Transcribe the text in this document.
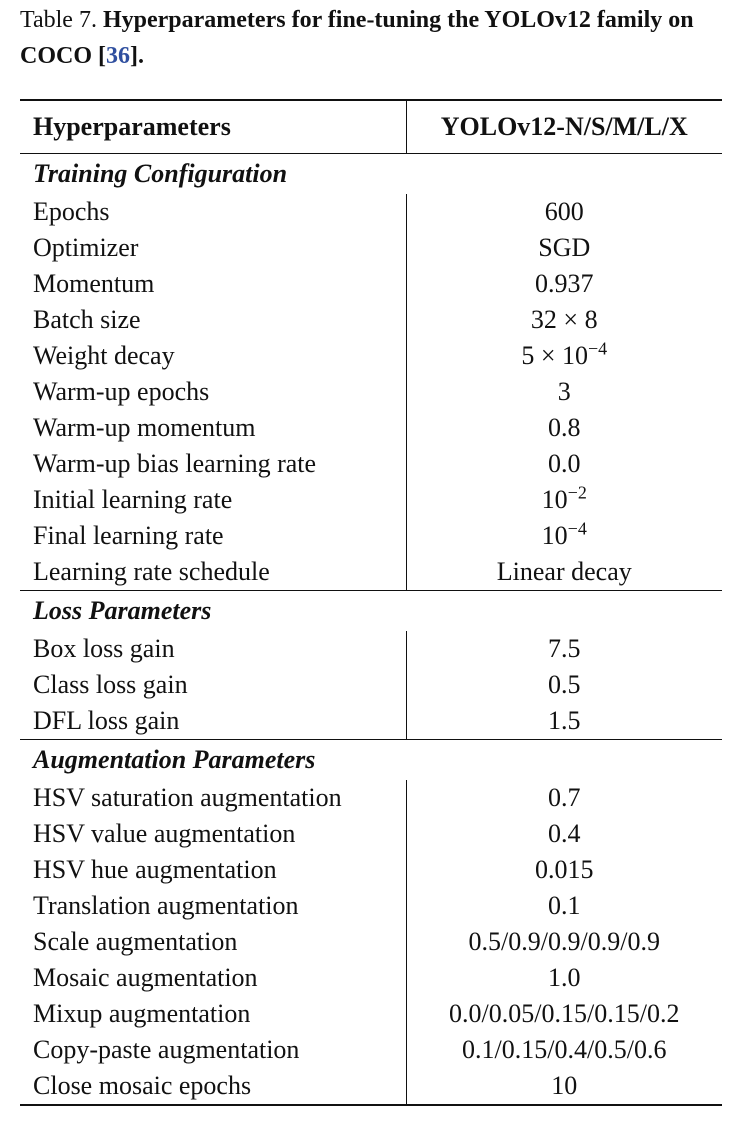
Table 7. Hyperparameters for fine-tuning the YOLOv12 family on COCO [36].
Hyperparameters	YOLOv12-N/S/M/L/X
Training Configuration	
Epochs	600
Optimizer	SGD
Momentum	0.937
Batch size	32 × 8
Weight decay	$5 \times 10^{-4}$
Warm-up epochs	3
Warm-up momentum	0.8
Warm-up bias learning rate	0.0
Initial learning rate	$10^{-2}$
Final learning rate	$10^{-4}$
Learning rate schedule	Linear decay
Loss Parameters	
Box loss gain	7.5
Class loss gain	0.5
DFL loss gain	1.5
Augmentation Parameters	
HSV saturation augmentation	0.7
HSV value augmentation	0.4
HSV hue augmentation	0.015
Translation augmentation	0.1
Scale augmentation	0.5/0.9/0.9/0.9/0.9
Mosaic augmentation	1.0
Mixup augmentation	0.0/0.05/0.15/0.15/0.2
Copy-paste augmentation	0.1/0.15/0.4/0.5/0.6
Close mosaic epochs	10
